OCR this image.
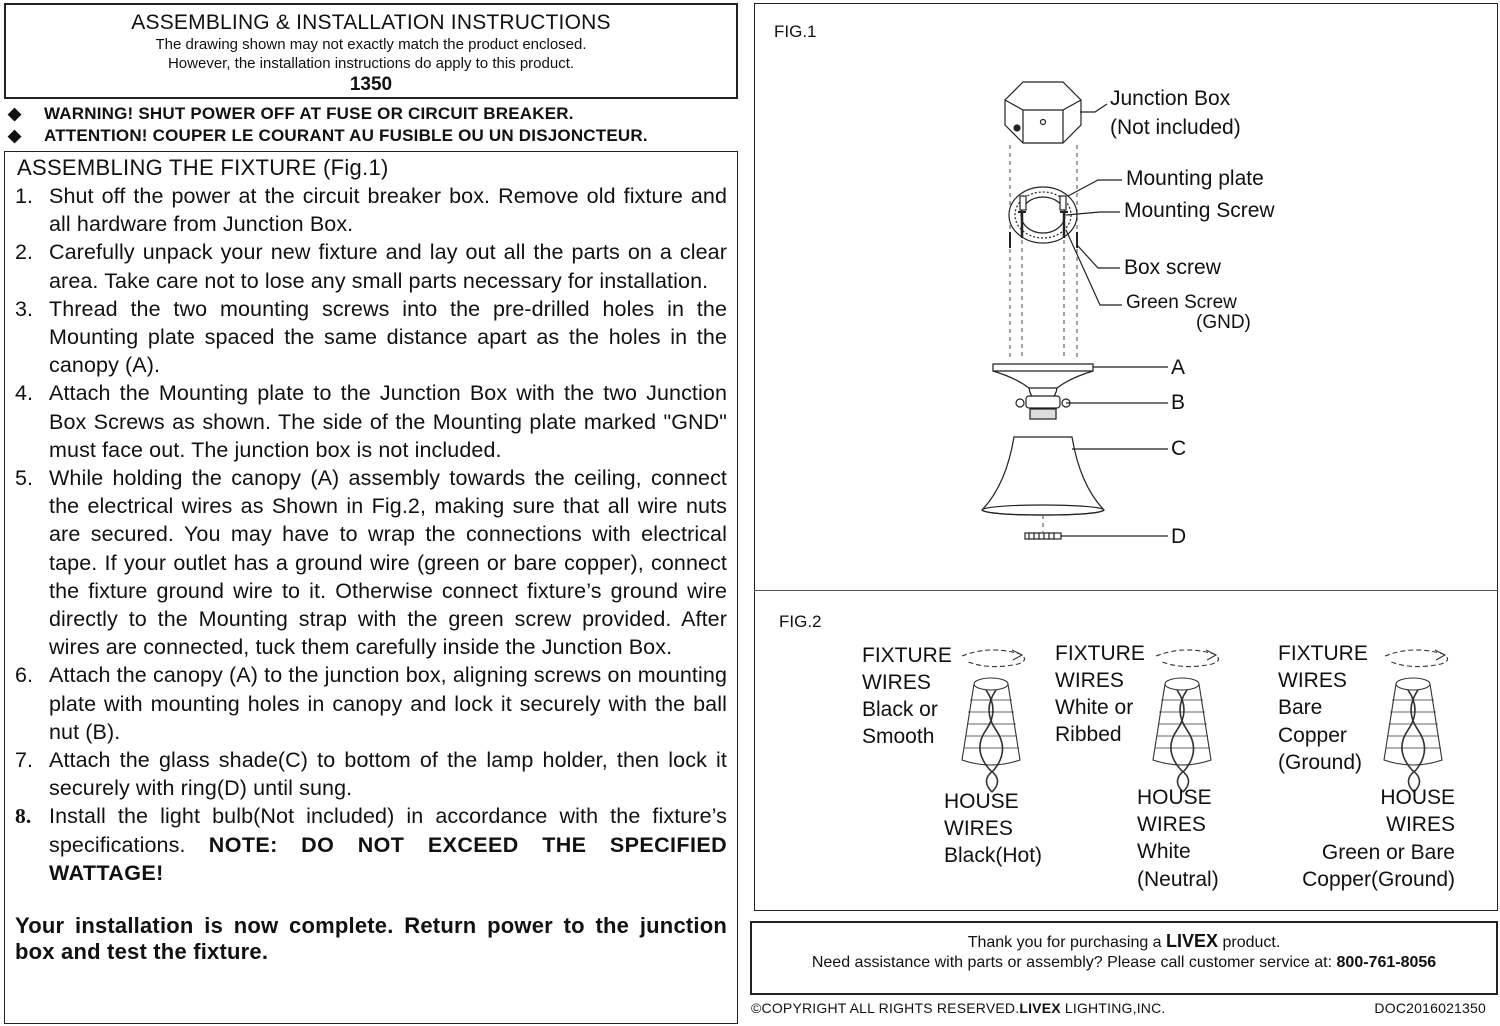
ASSEMBLING & INSTALLATION INSTRUCTIONS
The drawing shown may not exactly match the product enclosed.
However, the installation instructions do apply to this product.
1350
◆ WARNING! SHUT POWER OFF AT FUSE OR CIRCUIT BREAKER.
◆ ATTENTION! COUPER LE COURANT AU FUSIBLE OU UN DISJONCTEUR.
ASSEMBLING THE FIXTURE (Fig.1)
1. Shut off the power at the circuit breaker box. Remove old fixture and all hardware from Junction Box.
2. Carefully unpack your new fixture and lay out all the parts on a clear area. Take care not to lose any small parts necessary for installation.
3. Thread the two mounting screws into the pre-drilled holes in the Mounting plate spaced the same distance apart as the holes in the canopy (A).
4. Attach the Mounting plate to the Junction Box with the two Junction Box Screws as shown. The side of the Mounting plate marked "GND" must face out. The junction box is not included.
5. While holding the canopy (A) assembly towards the ceiling, connect the electrical wires as Shown in Fig.2, making sure that all wire nuts are secured. You may have to wrap the connections with electrical tape. If your outlet has a ground wire (green or bare copper), connect the fixture ground wire to it. Otherwise connect fixture’s ground wire directly to the Mounting strap with the green screw provided. After wires are connected, tuck them carefully inside the Junction Box.
6. Attach the canopy (A) to the junction box, aligning screws on mounting plate with mounting holes in canopy and lock it securely with the ball nut (B).
7. Attach the glass shade(C) to bottom of the lamp holder, then lock it securely with ring(D) until sung.
8. Install the light bulb(Not included) in accordance with the fixture’s specifications. NOTE: DO NOT EXCEED THE SPECIFIED WATTAGE!
Your installation is now complete. Return power to the junction box and test the fixture.
FIG.1
Junction Box
(Not included)
Mounting plate
Mounting Screw
Box screw
Green Screw
(GND)
A
B
C
D
FIG.2
FIXTURE
WIRES
Black or
Smooth
HOUSE
WIRES
Black(Hot)
FIXTURE
WIRES
White or
Ribbed
HOUSE
WIRES
White
(Neutral)
FIXTURE
WIRES
Bare
Copper
(Ground)
HOUSE
WIRES
Green or Bare
Copper(Ground)
Thank you for purchasing a LIVEX product.
Need assistance with parts or assembly? Please call customer service at: 800-761-8056
©COPYRIGHT ALL RIGHTS RESERVED.LIVEX LIGHTING,INC.	DOC2016021350
